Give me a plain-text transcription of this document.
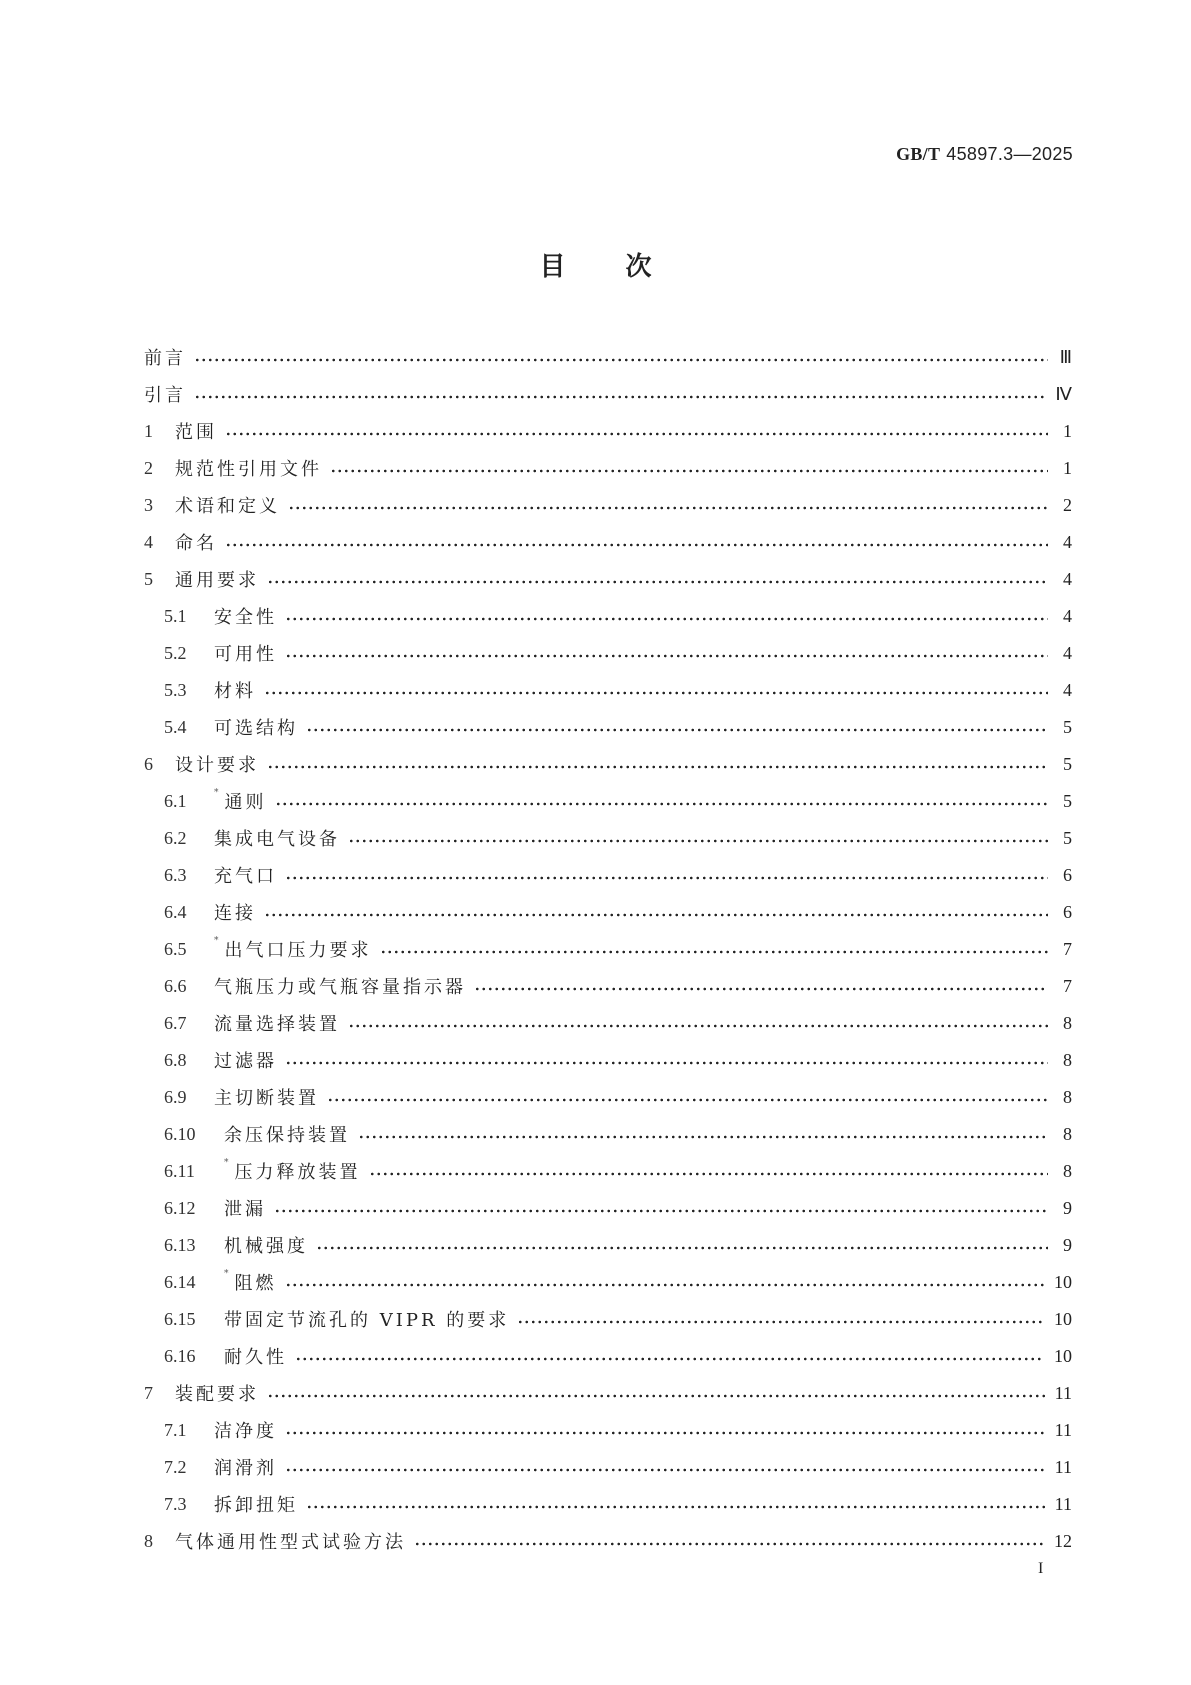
GB/T 45897.3—2025
目次
前言	Ⅲ
引言	Ⅳ
1	范围	1
2	规范性引用文件	1
3	术语和定义	2
4	命名	4
5	通用要求	4
5.1	安全性	4
5.2	可用性	4
5.3	材料	4
5.4	可选结构	5
6	设计要求	5
6.1	* 通则	5
6.2	集成电气设备	5
6.3	充气口	6
6.4	连接	6
6.5	* 出气口压力要求	7
6.6	气瓶压力或气瓶容量指示器	7
6.7	流量选择装置	8
6.8	过滤器	8
6.9	主切断装置	8
6.10	余压保持装置	8
6.11	* 压力释放装置	8
6.12	泄漏	9
6.13	机械强度	9
6.14	* 阻燃	10
6.15	带固定节流孔的 VIPR 的要求	10
6.16	耐久性	10
7	装配要求	11
7.1	洁净度	11
7.2	润滑剂	11
7.3	拆卸扭矩	11
8	气体通用性型式试验方法	12
I
